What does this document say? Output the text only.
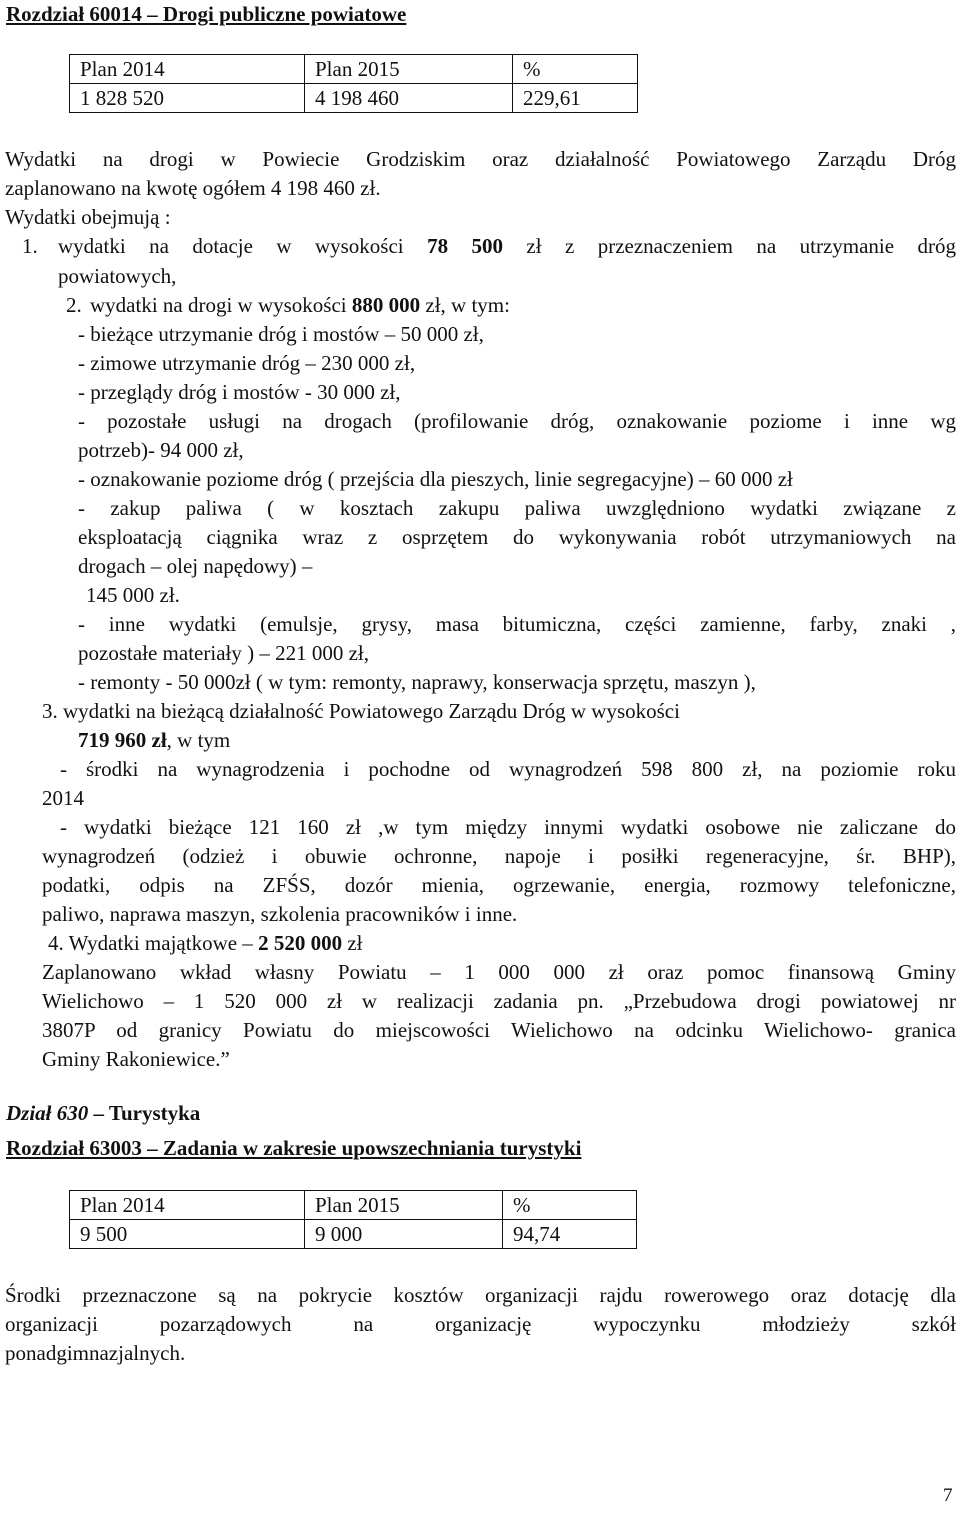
Rozdział 60014 – Drogi publiczne powiatowe
Plan 2014	Plan 2015	%
1 828 520	4 198 460	229,61
Wydatki na drogi w Powiecie Grodziskim oraz działalność Powiatowego Zarządu Dróg
zaplanowano na kwotę ogółem 4 198 460 zł.
Wydatki obejmują :
1. wydatki na dotacje w wysokości 78 500 zł z przeznaczeniem na utrzymanie dróg
powiatowych,
2. wydatki na drogi w wysokości 880 000 zł, w tym:
- bieżące utrzymanie dróg i mostów – 50 000 zł,
- zimowe utrzymanie dróg – 230 000 zł,
- przeglądy dróg i mostów - 30 000 zł,
- pozostałe usługi na drogach (profilowanie dróg, oznakowanie poziome i inne wg
potrzeb)- 94 000 zł,
- oznakowanie poziome dróg ( przejścia dla pieszych, linie segregacyjne) – 60 000 zł
- zakup paliwa ( w kosztach zakupu paliwa uwzględniono wydatki związane z
eksploatacją ciągnika wraz z osprzętem do wykonywania robót utrzymaniowych na
drogach – olej napędowy) –
145 000 zł.
- inne wydatki (emulsje, grysy, masa bitumiczna, części zamienne, farby, znaki ,
pozostałe materiały ) – 221 000 zł,
- remonty - 50 000zł ( w tym: remonty, naprawy, konserwacja sprzętu, maszyn ),
3. wydatki na bieżącą działalność Powiatowego Zarządu Dróg w wysokości
719 960 zł, w tym
- środki na wynagrodzenia i pochodne od wynagrodzeń 598 800 zł, na poziomie roku
2014
- wydatki bieżące 121 160 zł ,w tym między innymi wydatki osobowe nie zaliczane do
wynagrodzeń (odzież i obuwie ochronne, napoje i posiłki regeneracyjne, śr. BHP),
podatki, odpis na ZFŚS, dozór mienia, ogrzewanie, energia, rozmowy telefoniczne,
paliwo, naprawa maszyn, szkolenia pracowników i inne.
4. Wydatki majątkowe – 2 520 000 zł
Zaplanowano wkład własny Powiatu – 1 000 000 zł oraz pomoc finansową Gminy
Wielichowo – 1 520 000 zł w realizacji zadania pn. „Przebudowa drogi powiatowej nr
3807P od granicy Powiatu do miejscowości Wielichowo na odcinku Wielichowo- granica
Gminy Rakoniewice.”
Dział 630 – Turystyka
Rozdział 63003 – Zadania w zakresie upowszechniania turystyki
Plan 2014	Plan 2015	%
9 500	9 000	94,74
Środki przeznaczone są na pokrycie kosztów organizacji rajdu rowerowego oraz dotację dla
organizacji pozarządowych na organizację wypoczynku młodzieży szkół
ponadgimnazjalnych.
7
